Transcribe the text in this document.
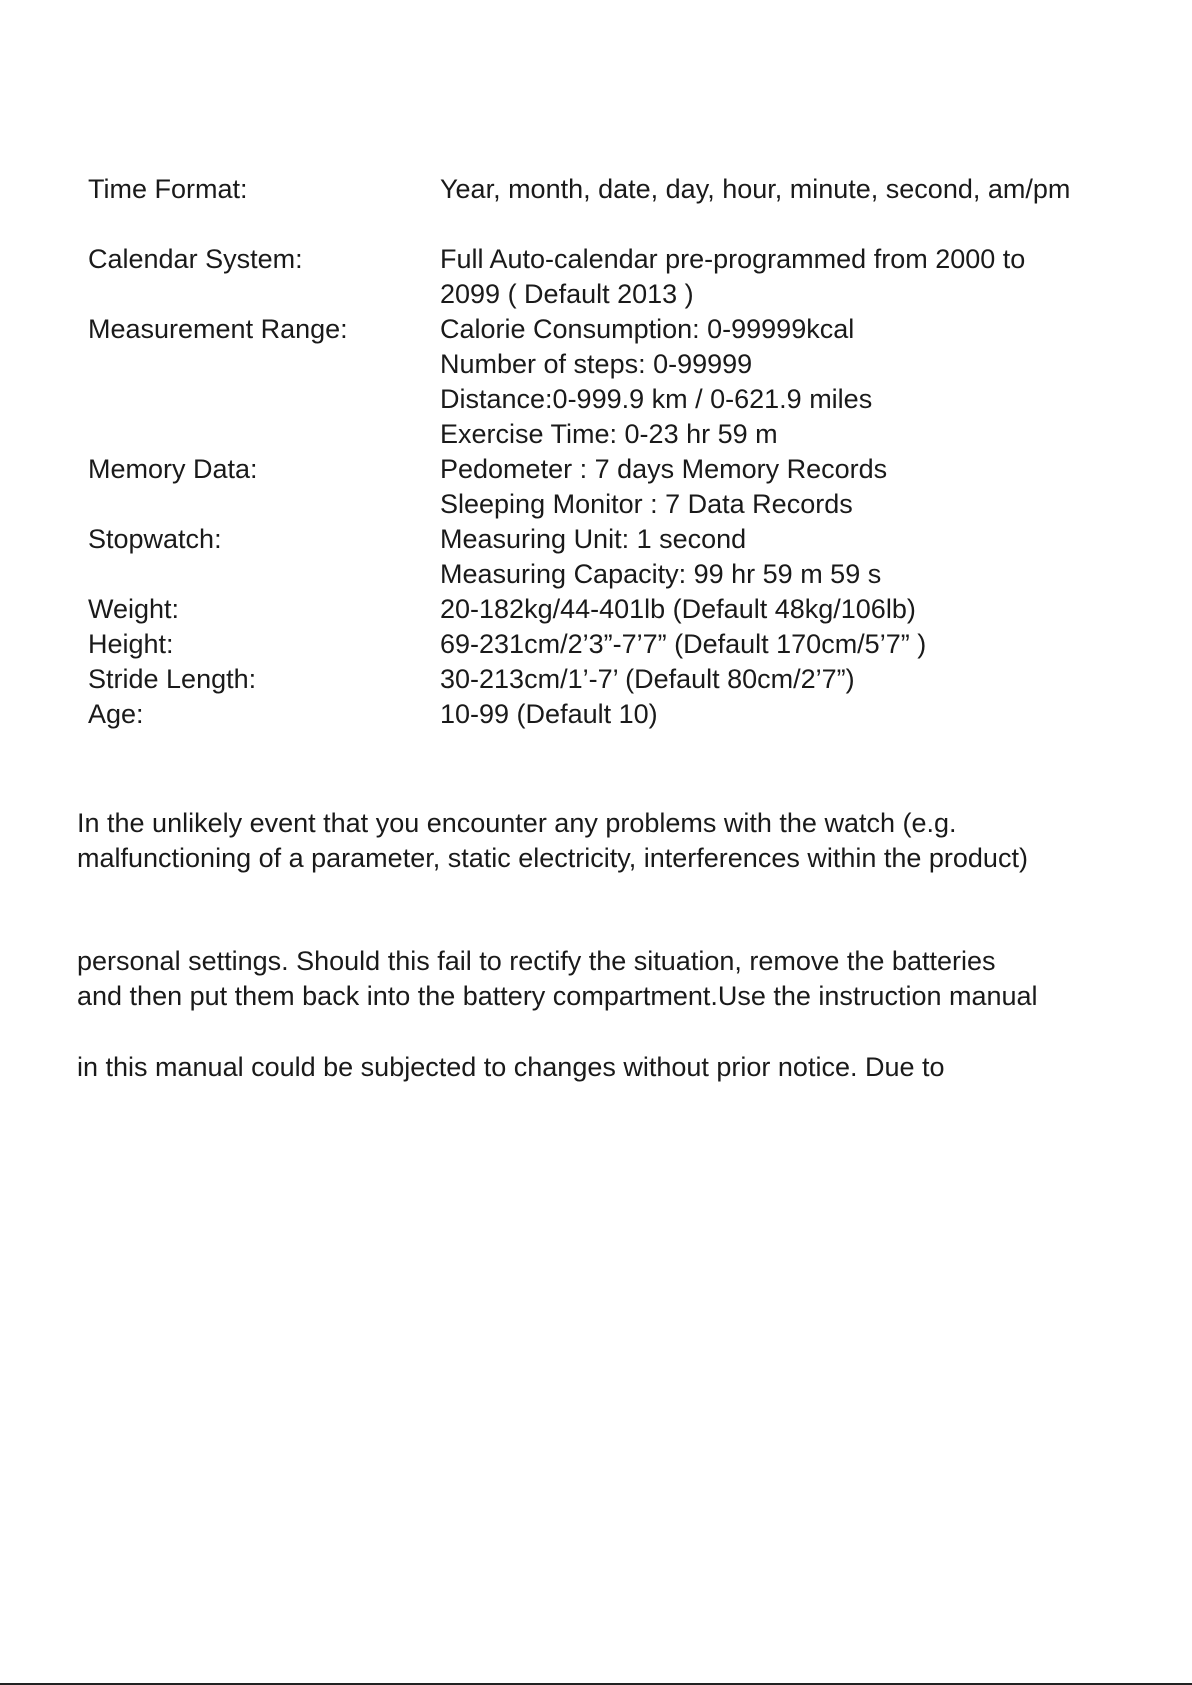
Time Format:	Year, month, date, day, hour, minute, second, am/pm
Calendar System:	Full Auto-calendar pre-programmed from 2000 to
2099 ( Default 2013 )
Measurement Range:	Calorie Consumption: 0-99999kcal
Number of steps: 0-99999
Distance:0-999.9 km / 0-621.9 miles
Exercise Time: 0-23 hr 59 m
Memory Data:	Pedometer : 7 days Memory Records
Sleeping Monitor : 7 Data Records
Stopwatch:	Measuring Unit: 1 second
Measuring Capacity: 99 hr 59 m 59 s
Weight:	20-182kg/44-401lb (Default 48kg/106lb)
Height:	69-231cm/2’3”-7’7” (Default 170cm/5’7” )
Stride Length:	30-213cm/1’-7’ (Default 80cm/2’7”)
Age:	10-99 (Default 10)
In the unlikely event that you encounter any problems with the watch (e.g.
malfunctioning of a parameter, static electricity, interferences within the product)
personal settings. Should this fail to rectify the situation, remove the batteries
and then put them back into the battery compartment.Use the instruction manual
in this manual could be subjected to changes without prior notice. Due to
